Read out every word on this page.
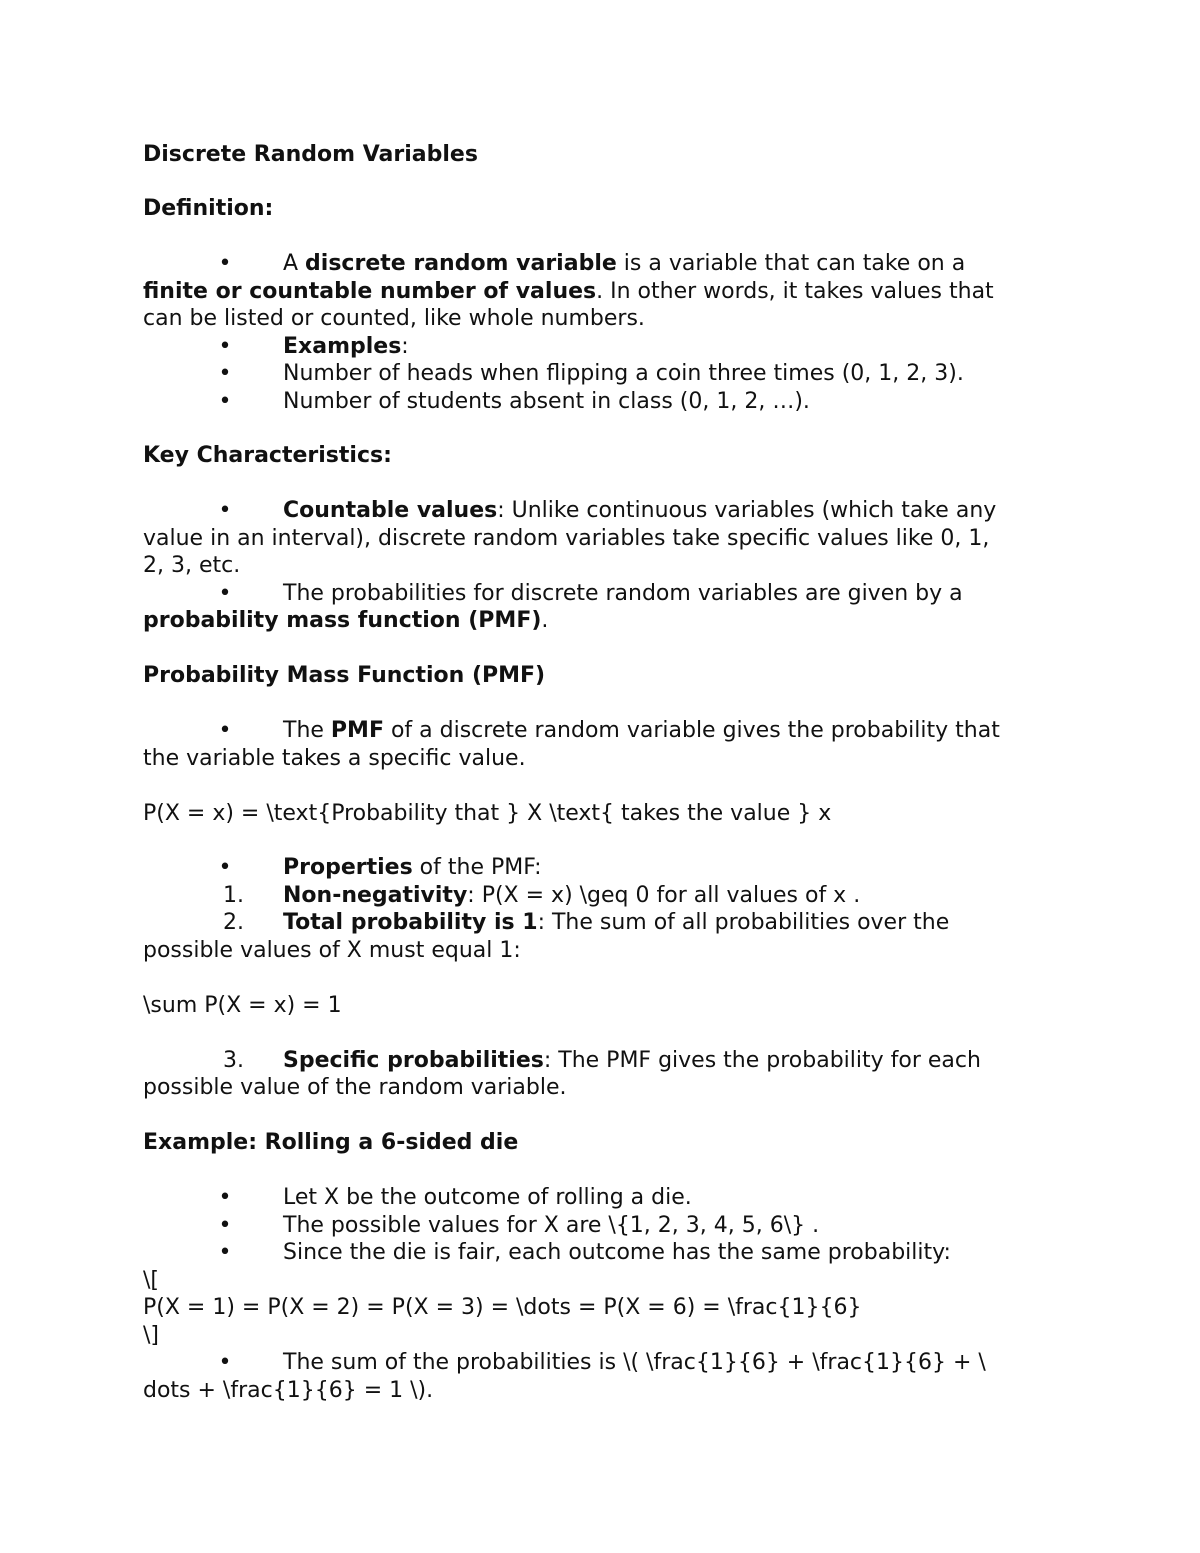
Discrete Random Variables
Definition:
• A discrete random variable is a variable that can take on a
finite or countable number of values. In other words, it takes values that
can be listed or counted, like whole numbers.
• Examples:
• Number of heads when flipping a coin three times (0, 1, 2, 3).
• Number of students absent in class (0, 1, 2, …).
Key Characteristics:
• Countable values: Unlike continuous variables (which take any
value in an interval), discrete random variables take specific values like 0, 1,
2, 3, etc.
• The probabilities for discrete random variables are given by a
probability mass function (PMF).
Probability Mass Function (PMF)
• The PMF of a discrete random variable gives the probability that
the variable takes a specific value.
P(X = x) = \text{Probability that } X \text{ takes the value } x
• Properties of the PMF:
1. Non-negativity: P(X = x) \geq 0 for all values of x .
2. Total probability is 1: The sum of all probabilities over the
possible values of X must equal 1:
\sum P(X = x) = 1
3. Specific probabilities: The PMF gives the probability for each
possible value of the random variable.
Example: Rolling a 6-sided die
• Let X be the outcome of rolling a die.
• The possible values for X are \{1, 2, 3, 4, 5, 6\} .
• Since the die is fair, each outcome has the same probability:
\[
P(X = 1) = P(X = 2) = P(X = 3) = \dots = P(X = 6) = \frac{1}{6}
\]
• The sum of the probabilities is \( \frac{1}{6} + \frac{1}{6} + \
dots + \frac{1}{6} = 1 \).
